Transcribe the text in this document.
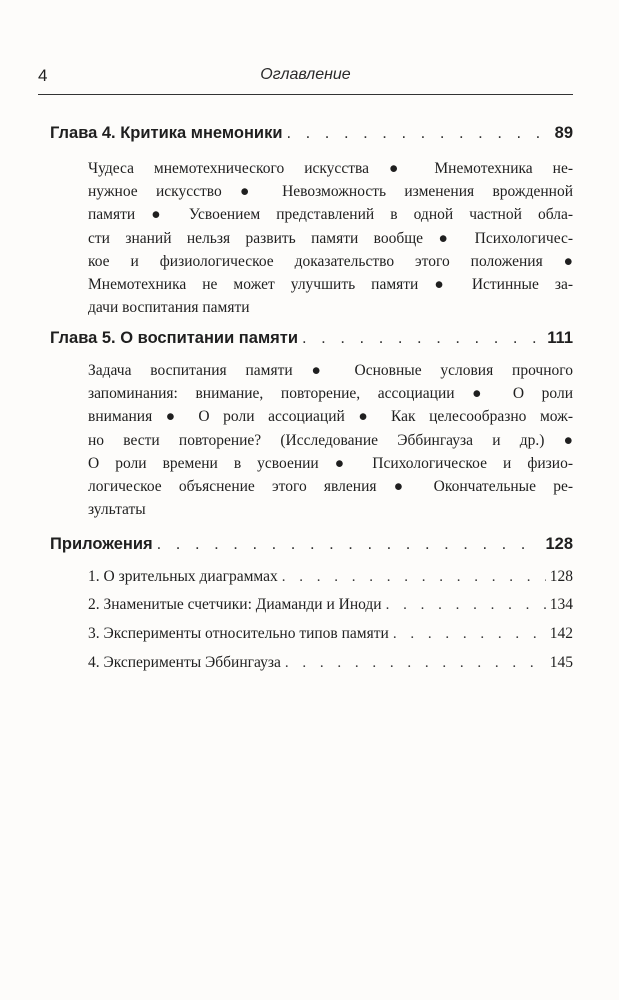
4	Оглавление
Глава 4. Критика мнемоники . . .	89
Чудеса мнемотехнического искусства ● Мнемотехника не-
нужное искусство ● Невозможность изменения врожденной
памяти ● Усвоением представлений в одной частной обла-
сти знаний нельзя развить памяти вообще ● Психологичес-
кое и физиологическое доказательство этого положения ●
Мнемотехника не может улучшить памяти ● Истинные за-
дачи воспитания памяти
Глава 5. О воспитании памяти . . .	111
Задача воспитания памяти ● Основные условия прочного
запоминания: внимание, повторение, ассоциации ● О роли
внимания ● О роли ассоциаций ● Как целесообразно мож-
но вести повторение? (Исследование Эббингауза и др.) ●
О роли времени в усвоении ● Психологическое и физио-
логическое объяснение этого явления ● Окончательные ре-
зультаты
Приложения . . .	128
1. О зрительных диаграммах . . .	128
2. Знаменитые счетчики: Диаманди и Иноди . . .	134
3. Эксперименты относительно типов памяти . . .	142
4. Эксперименты Эббингауза . . .	145
